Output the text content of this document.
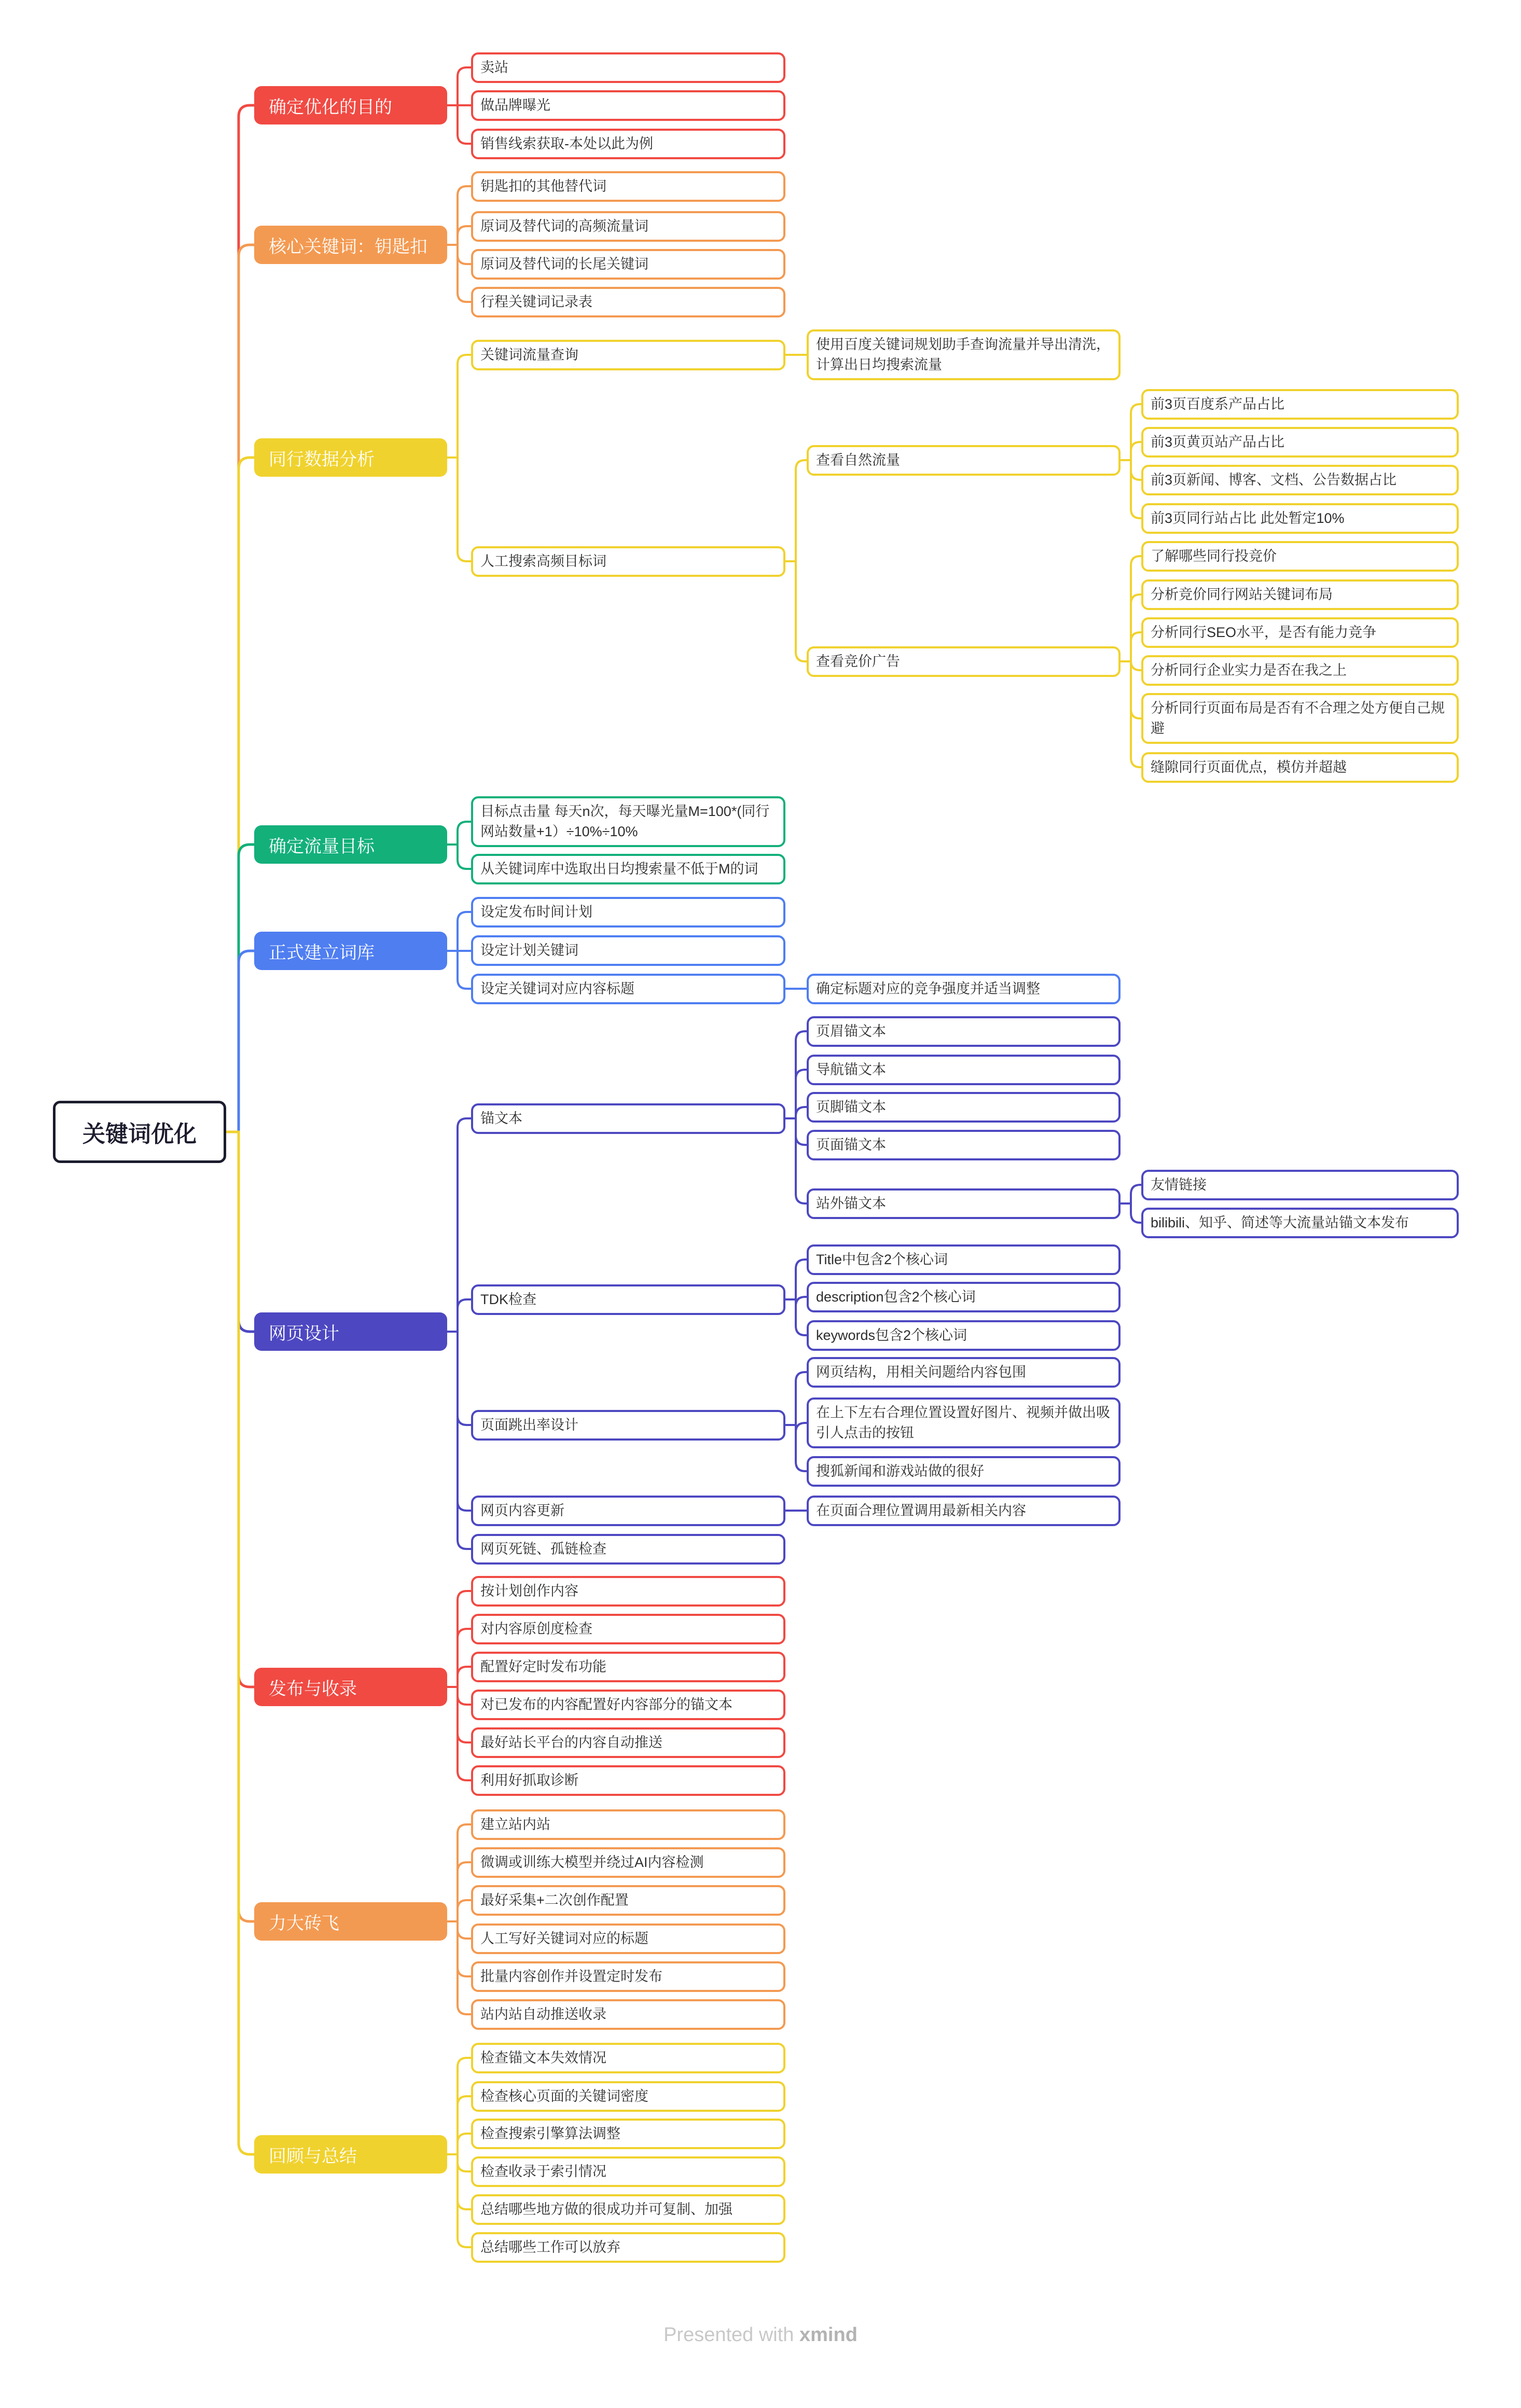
关键词优化
确定优化的目的
卖站
做品牌曝光
销售线索获取-本处以此为例
核心关键词：钥匙扣
钥匙扣的其他替代词
原词及替代词的高频流量词
原词及替代词的长尾关键词
行程关键词记录表
同行数据分析
关键词流量查询
使用百度关键词规划助手查询流量并导出清洗，计算出日均搜索流量
人工搜索高频目标词
查看自然流量
前3页百度系产品占比
前3页黄页站产品占比
前3页新闻、博客、文档、公告数据占比
前3页同行站占比 此处暂定10%
查看竞价广告
了解哪些同行投竞价
分析竞价同行网站关键词布局
分析同行SEO水平，是否有能力竞争
分析同行企业实力是否在我之上
分析同行页面布局是否有不合理之处方便自己规避
缝隙同行页面优点，模仿并超越
确定流量目标
目标点击量 每天n次，每天曝光量M=100*(同行网站数量+1）÷10%÷10%
从关键词库中选取出日均搜索量不低于M的词
正式建立词库
设定发布时间计划
设定计划关键词
设定关键词对应内容标题	确定标题对应的竞争强度并适当调整
网页设计
锚文本
页眉锚文本
导航锚文本
页脚锚文本
页面锚文本
站外锚文本
友情链接
bilibili、知乎、简述等大流量站锚文本发布
TDK检查
Title中包含2个核心词
description包含2个核心词
keywords包含2个核心词
页面跳出率设计
网页结构，用相关问题给内容包围
在上下左右合理位置设置好图片、视频并做出吸引人点击的按钮
搜狐新闻和游戏站做的很好
网页内容更新	在页面合理位置调用最新相关内容
网页死链、孤链检查
发布与收录
按计划创作内容
对内容原创度检查
配置好定时发布功能
对已发布的内容配置好内容部分的锚文本
最好站长平台的内容自动推送
利用好抓取诊断
力大砖飞
建立站内站
微调或训练大模型并绕过AI内容检测
最好采集+二次创作配置
人工写好关键词对应的标题
批量内容创作并设置定时发布
站内站自动推送收录
回顾与总结
检查锚文本失效情况
检查核心页面的关键词密度
检查搜索引擎算法调整
检查收录于索引情况
总结哪些地方做的很成功并可复制、加强
总结哪些工作可以放弃
Presented with xmind
